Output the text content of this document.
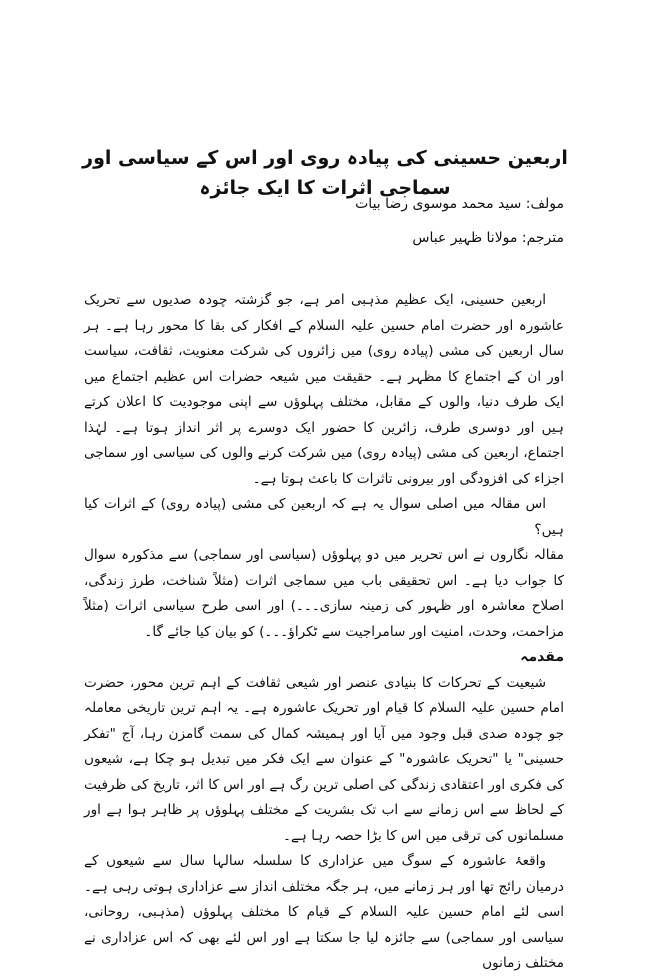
اربعین حسینی کی پیادہ روی اور اس کے سیاسی اور سماجی اثرات کا ایک جائزہ

مولف: سید محمد موسوی رضا بیات

مترجم: مولانا ظہیر عباس

اربعین حسینی، ایک عظیم مذہبی امر ہے، جو گزشتہ چودہ صدیوں سے تحریک عاشورہ اور حضرت امام حسین علیہ السلام کے افکار کی بقا کا محور رہا ہے۔ ہر سال اربعین کی مشی (پیادہ روی) میں زائروں کی شرکت معنویت، ثقافت، سیاست اور ان کے اجتماع کا مظہر ہے۔ حقیقت میں شیعہ حضرات اس عظیم اجتماع میں ایک طرف دنیا، والوں کے مقابل، مختلف پہلوؤں سے اپنی موجودیت کا اعلان کرتے ہیں اور دوسری طرف، زائرین کا حضور ایک دوسرے پر اثر انداز ہوتا ہے۔ لہٰذا اجتماع، اربعین کی مشی (پیادہ روی) میں شرکت کرنے والوں کی سیاسی اور سماجی اجزاء کی افزودگی اور بیرونی تاثرات کا باعث ہوتا ہے۔

اس مقالہ میں اصلی سوال یہ ہے کہ اربعین کی مشی (پیادہ روی) کے اثرات کیا ہیں؟

مقالہ نگاروں نے اس تحریر میں دو پہلوؤں (سیاسی اور سماجی) سے مذکورہ سوال کا جواب دیا ہے۔ اس تحقیقی باب میں سماجی اثرات (مثلاً شناخت، طرز زندگی، اصلاح معاشرہ اور ظہور کی زمینہ سازی۔۔۔) اور اسی طرح سیاسی اثرات (مثلاً مزاحمت، وحدت، امنیت اور سامراجیت سے ٹکراؤ۔۔۔) کو بیان کیا جائے گا۔

مقدمہ

شیعیت کے تحرکات کا بنیادی عنصر اور شیعی ثقافت کے اہم ترین محور، حضرت امام حسین علیہ السلام کا قیام اور تحریک عاشورہ ہے۔ یہ اہم ترین تاریخی معاملہ جو چودہ صدی قبل وجود میں آیا اور ہمیشہ کمال کی سمت گامزن رہا، آج "تفکر حسینی" یا "تحریک عاشورہ" کے عنوان سے ایک فکر میں تبدیل ہو چکا ہے، شیعوں کی فکری اور اعتقادی زندگی کی اصلی ترین رگ ہے اور اس کا اثر، تاریخ کی ظرفیت کے لحاظ سے اس زمانے سے اب تک بشریت کے مختلف پہلوؤں پر ظاہر ہوا ہے اور مسلمانوں کی ترقی میں اس کا بڑا حصہ رہا ہے۔

واقعۂ عاشورہ کے سوگ میں عزاداری کا سلسلہ سالہا سال سے شیعوں کے درمیان رائج تھا اور ہر زمانے میں، ہر جگہ مختلف انداز سے عزاداری ہوتی رہی ہے۔ اسی لئے امام حسین علیہ السلام کے قیام کا مختلف پہلوؤں (مذہبی، روحانی، سیاسی اور سماجی) سے جائزہ لیا جا سکتا ہے اور اس لئے بھی کہ اس عزاداری نے مختلف زمانوں
